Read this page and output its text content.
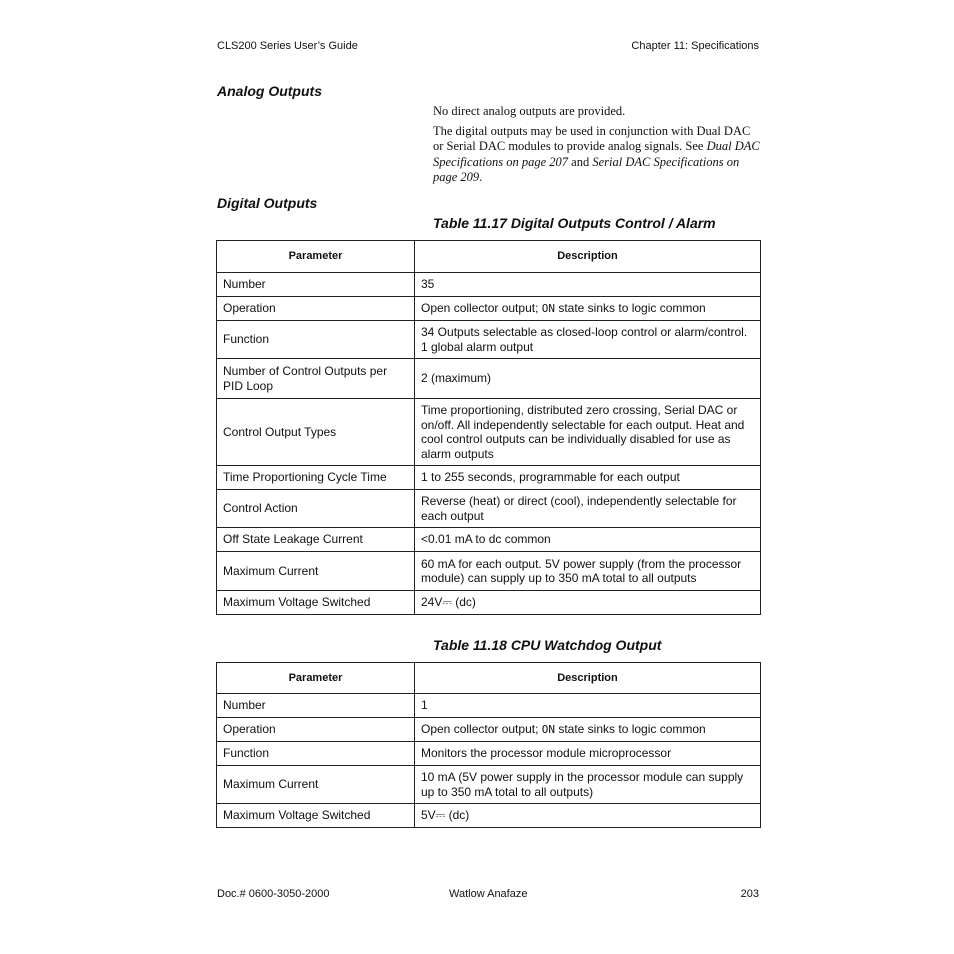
CLS200 Series User’s Guide	Chapter 11: Specifications
Analog Outputs

No direct analog outputs are provided.

The digital outputs may be used in conjunction with Dual DAC or Serial DAC modules to provide analog signals. See Dual DAC Specifications on page 207 and Serial DAC Specifications on page 209.

Digital Outputs
Table 11.17 Digital Outputs Control / Alarm
Parameter	Description
Number	35
Operation	Open collector output; ON state sinks to logic common
Function	34 Outputs selectable as closed-loop control or alarm/control. 1 global alarm output
Number of Control Outputs per PID Loop	2 (maximum)
Control Output Types	Time proportioning, distributed zero crossing, Serial DAC or on/off. All independently selectable for each output. Heat and cool control outputs can be individually disabled for use as alarm outputs
Time Proportioning Cycle Time	1 to 255 seconds, programmable for each output
Control Action	Reverse (heat) or direct (cool), independently selectable for each output
Off State Leakage Current	<0.01 mA to dc common
Maximum Current	60 mA for each output. 5V power supply (from the processor module) can supply up to 350 mA total to all outputs
Maximum Voltage Switched	24V⎓ (dc)
Table 11.18 CPU Watchdog Output
Parameter	Description
Number	1
Operation	Open collector output; ON state sinks to logic common
Function	Monitors the processor module microprocessor
Maximum Current	10 mA (5V power supply in the processor module can supply up to 350 mA total to all outputs)
Maximum Voltage Switched	5V⎓ (dc)
Doc.# 0600-3050-2000	Watlow Anafaze	203
